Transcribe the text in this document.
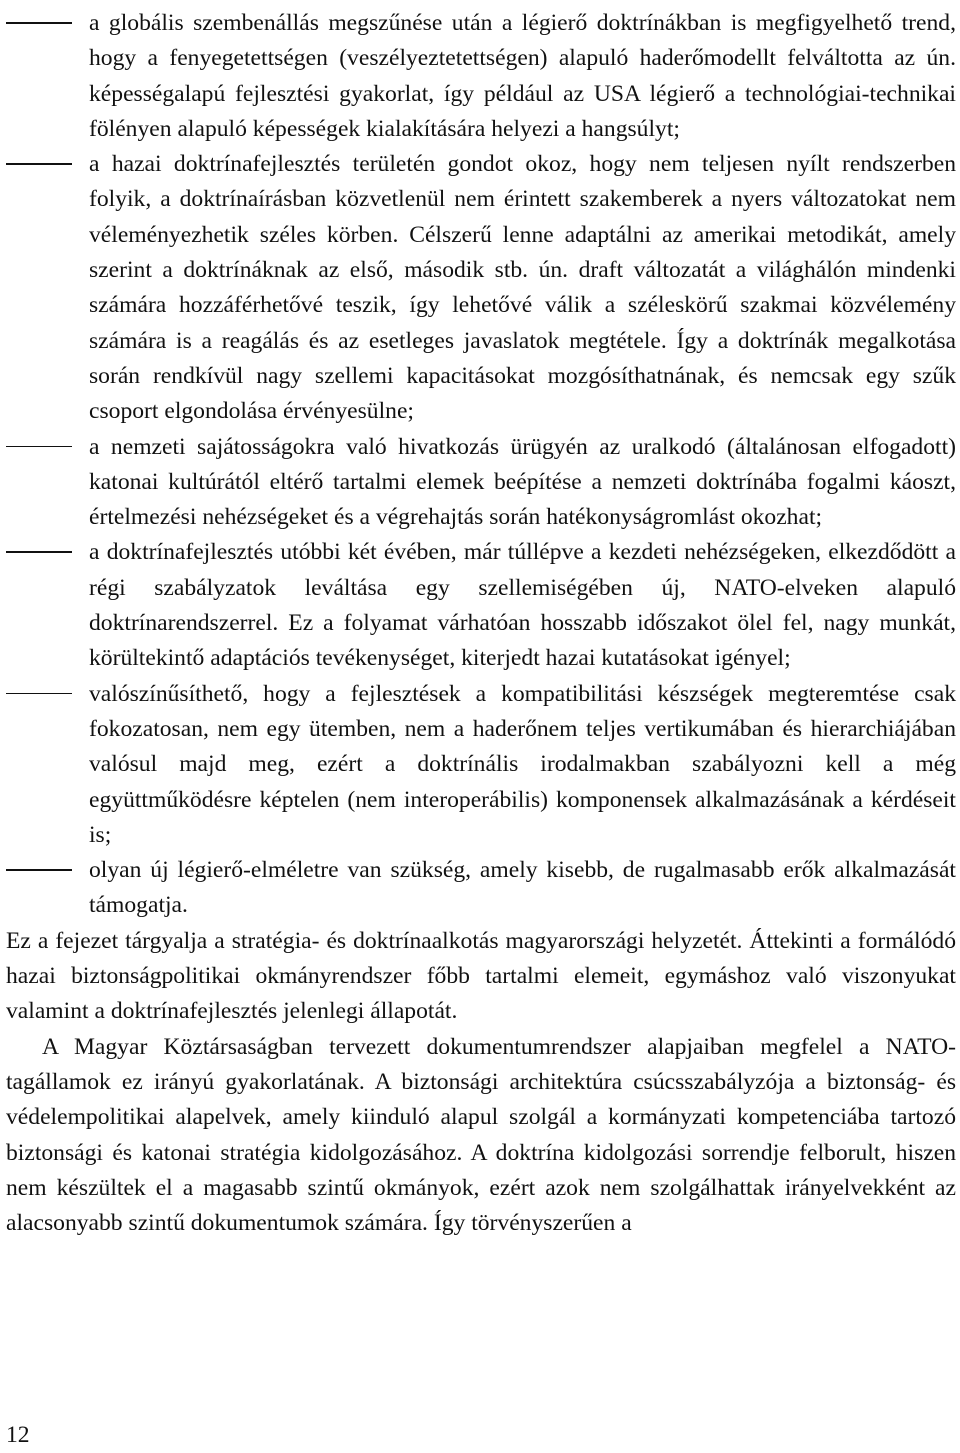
a globális szembenállás megszűnése után a légierő doktrínákban is megfigyelhető trend, hogy a fenyegetettségen (veszélyeztetettségen) alapuló haderőmodellt felváltotta az ún. képességalapú fejlesztési gyakorlat, így például az USA légierő a technológiai-technikai fölényen alapuló képességek kialakítására helyezi a hangsúlyt;
a hazai doktrínafejlesztés területén gondot okoz, hogy nem teljesen nyílt rendszerben folyik, a doktrínaírásban közvetlenül nem érintett szakemberek a nyers változatokat nem véleményezhetik széles körben. Célszerű lenne adaptálni az amerikai metodikát, amely szerint a doktrínáknak az első, második stb. ún. draft változatát a világhálón mindenki számára hozzáférhetővé teszik, így lehetővé válik a széleskörű szakmai közvélemény számára is a reagálás és az esetleges javaslatok megtétele. Így a doktrínák megalkotása során rendkívül nagy szellemi kapacitásokat mozgósíthatnának, és nemcsak egy szűk csoport elgondolása érvényesülne;
a nemzeti sajátosságokra való hivatkozás ürügyén az uralkodó (általánosan elfogadott) katonai kultúrától eltérő tartalmi elemek beépítése a nemzeti doktrínába fogalmi káoszt, értelmezési nehézségeket és a végrehajtás során hatékonyságromlást okozhat;
a doktrínafejlesztés utóbbi két évében, már túllépve a kezdeti nehézségeken, elkezdődött a régi szabályzatok leváltása egy szellemiségében új, NATO-elveken alapuló doktrínarendszerrel. Ez a folyamat várhatóan hosszabb időszakot ölel fel, nagy munkát, körültekintő adaptációs tevékenységet, kiterjedt hazai kutatásokat igényel;
valószínűsíthető, hogy a fejlesztések a kompatibilitási készségek megteremtése csak fokozatosan, nem egy ütemben, nem a haderőnem teljes vertikumában és hierarchiájában valósul majd meg, ezért a doktrínális irodalmakban szabályozni kell a még együttműködésre képtelen (nem interoperábilis) komponensek alkalmazásának a kérdéseit is;
olyan új légierő-elméletre van szükség, amely kisebb, de rugalmasabb erők alkalmazását támogatja.

Ez a fejezet tárgyalja a stratégia- és doktrínaalkotás magyarországi helyzetét. Áttekinti a formálódó hazai biztonságpolitikai okmányrendszer főbb tartalmi elemeit, egymáshoz való viszonyukat valamint a doktrínafejlesztés jelenlegi állapotát.

A Magyar Köztársaságban tervezett dokumentumrendszer alapjaiban megfelel a NATO-tagállamok ez irányú gyakorlatának. A biztonsági architektúra csúcsszabályzója a biztonság- és védelempolitikai alapelvek, amely kiinduló alapul szolgál a kormányzati kompetenciába tartozó biztonsági és katonai stratégia kidolgozásához. A doktrína kidolgozási sorrendje felborult, hiszen nem készültek el a magasabb szintű okmányok, ezért azok nem szolgálhattak irányelvekként az alacsonyabb szintű dokumentumok számára. Így törvényszerűen a

12
